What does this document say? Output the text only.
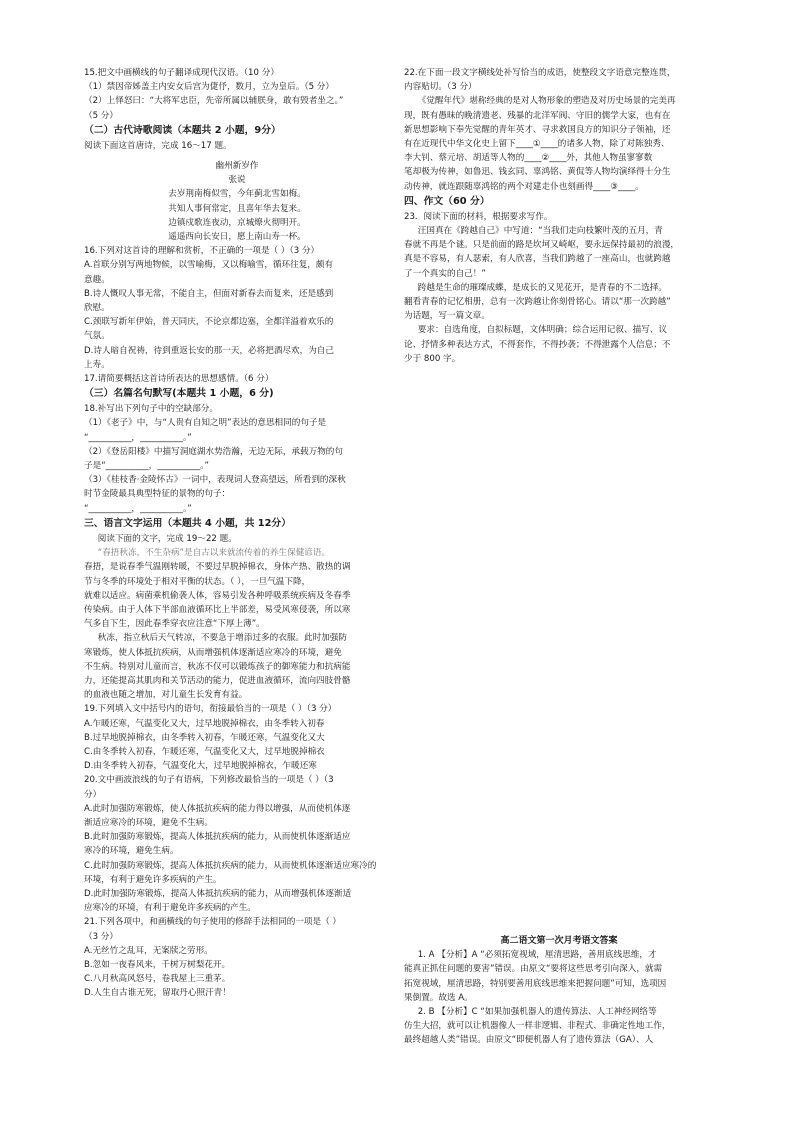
15.把文中画横线的句子翻译成现代汉语。（10 分）
（1）禁因帝姊盖主内安女后宫为倢伃，数月，立为皇后。（5 分）
（2）上怿怒曰：“大将军忠臣，先帝所属以辅朕身，敢有毁者坐之。”
（5 分）
（二）古代诗歌阅读（本题共 2 小题，9分）
阅读下面这首唐诗，完成 16～17 题。
幽州新岁作
张说
去岁荆南梅似雪，今年蓟北雪如梅。
共知人事何常定，且喜年华去复来。
边镇戍歌连夜动，京城燎火彻明开。
遥遥西向长安日，愿上南山寿一杯。
16.下列对这首诗的理解和赏析，不正确的一项是（ ）（3 分）
A.首联分别写两地物候，以雪喻梅，又以梅喻雪，循环往复，颇有
意趣。
B.诗人慨叹人事无常，不能自主，但面对新春去而复来，还是感到
欣慰。
C.颈联写新年伊始，普天同庆，不论京都边塞，全都洋溢着欢乐的
气氛。
D.诗人暗自祝祷，待到重返长安的那一天，必将把酒尽欢，为自己
上寿。
17.请简要概括这首诗所表达的思想感情。（6 分）
（三）名篇名句默写(本题共 1 小题，6 分)
18.补写出下列句子中的空缺部分。
（1）《老子》中，与“人贵有自知之明”表达的意思相同的句子是
“__________，__________。”
（2）《登岳阳楼》中描写洞庭湖水势浩瀚，无边无际，承载万物的句
子是“__________，__________。”
（3）《桂枝香·金陵怀古》一词中，表现词人登高望远，所看到的深秋
时节金陵最具典型特征的景物的句子：
“__________，__________。”
三、语言文字运用（本题共 4 小题，共 12分）
阅读下面的文字，完成 19～22 题。
“春捂秋冻，不生杂病”是自古以来就流传着的养生保健谚语。
春捂，是说春季气温刚转暖，不要过早脱掉棉衣，身体产热、散热的调
节与冬季的环境处于相对平衡的状态。（ ），一旦气温下降，
就难以适应。病菌乘机偷袭人体，容易引发各种呼吸系统疾病及冬春季
传染病。由于人体下半部血液循环比上半部差，易受风寒侵袭，所以寒
气多自下生，因此春季穿衣应注意“下厚上薄”。
秋冻，指立秋后天气转凉，不要急于增添过多的衣服。此时加强防
寒锻炼，使人体抵抗疾病，从而增强机体逐渐适应寒冷的环境，避免
不生病。特别对儿童而言，秋冻不仅可以锻炼孩子的御寒能力和抗病能
力，还能提高其肌肉和关节活动的能力，促进血液循环，流向四肢骨骼
的血液也随之增加，对儿童生长发育有益。
19.下列填入文中括号内的语句，衔接最恰当的一项是（ ）（3 分）
A.乍暖还寒，气温变化又大，过早地脱掉棉衣，由冬季转入初春
B.过早地脱掉棉衣，由冬季转入初春，乍暖还寒，气温变化又大
C.由冬季转入初春，乍暖还寒，气温变化又大，过早地脱掉棉衣
D.由冬季转入初春，气温变化大，过早地脱掉棉衣，乍暖还寒
20.文中画波浪线的句子有语病，下列修改最恰当的一项是（ ）（3
分）
A.此时加强防寒锻炼，使人体抵抗疾病的能力得以增强，从而使机体逐
渐适应寒冷的环境，避免不生病。
B.此时加强防寒锻炼，提高人体抵抗疾病的能力，从而使机体逐渐适应
寒冷的环境，避免生病。
C.此时加强防寒锻炼，提高人体抵抗疾病的能力，从而使机体逐渐适应寒冷的
环境，有利于避免许多疾病的产生。
D.此时加强防寒锻炼，提高人体抵抗疾病的能力，从而增强机体逐渐适
应寒冷的环境，有利于避免许多疾病的产生。
21.下列各项中，和画横线的句子使用的修辞手法相同的一项是（ ）
（3 分）
A.无丝竹之乱耳，无案牍之劳形。
B.忽如一夜春风来，千树万树梨花开。
C.八月秋高风怒号，卷我屋上三重茅。
D.人生自古谁无死，留取丹心照汗青！
22.在下面一段文字横线处补写恰当的成语，使整段文字语意完整连贯，
内容贴切。（3 分）
《觉醒年代》堪称经典的是对人物形象的塑造及对历史场景的完美再
现，既有愚昧的晚清遗老、残暴的北洋军阀、守旧的儒学大家，也有在
新思想影响下奉先觉醒的青年英才、寻求救国良方的知识分子领袖，还
有在近现代中华文化史上留下____①____的诸多人物，除了对陈独秀、
李大钊、蔡元培、胡适等人物的____②____外，其他人物虽寥寥数
笔却极为传神，如鲁迅、钱玄同、辜鸿铭、黄侃等人物均演绎得十分生
动传神，就连跟随辜鸿铭的两个对建走仆也刻画得____③____。
四、作文（60 分）
23．阅读下面的材料，根据要求写作。
汪国真在《跨越自己》中写道：“当我们走向枝繁叶茂的五月，青
春就不再是个谜。只是前面的路是坎坷又崎岖，要永远保持最初的浪漫，
真是不容易，有人瑟索，有人欣喜，当我们跨越了一座高山，也就跨越
了一个真实的自己！”
跨越是生命的璀璨成蝶，是成长的又见花开，是青春的不二选择。
翻看青春的记忆相册，总有一次跨越让你刻骨铭心。请以“那一次跨越”
为话题，写一篇文章。
要求：自选角度，自拟标题，文体明确；综合运用记叙、描写、议
论、抒情多种表达方式，不得套作，不得抄袭；不得泄露个人信息；不
少于 800 字。
高二语文第一次月考语文答案
1. A 【分析】A “必须拓宽视域，厘清思路，善用底线思维，才
能真正抓住问题的要害”错误。由原文“要将这些思考引向深入，就需
拓宽视域，厘清思路，特别要善用底线思维来把握问题”可知，选项因
果倒置。故选 A。
2. B 【分析】C “如果加强机器人的遗传算法、人工神经网络等
仿生大招，就可以让机器像人一样非逻辑、非程式、非确定性地工作，
最终超越人类”错误。由原文“即便机器人有了遗传算法（GA）、人
